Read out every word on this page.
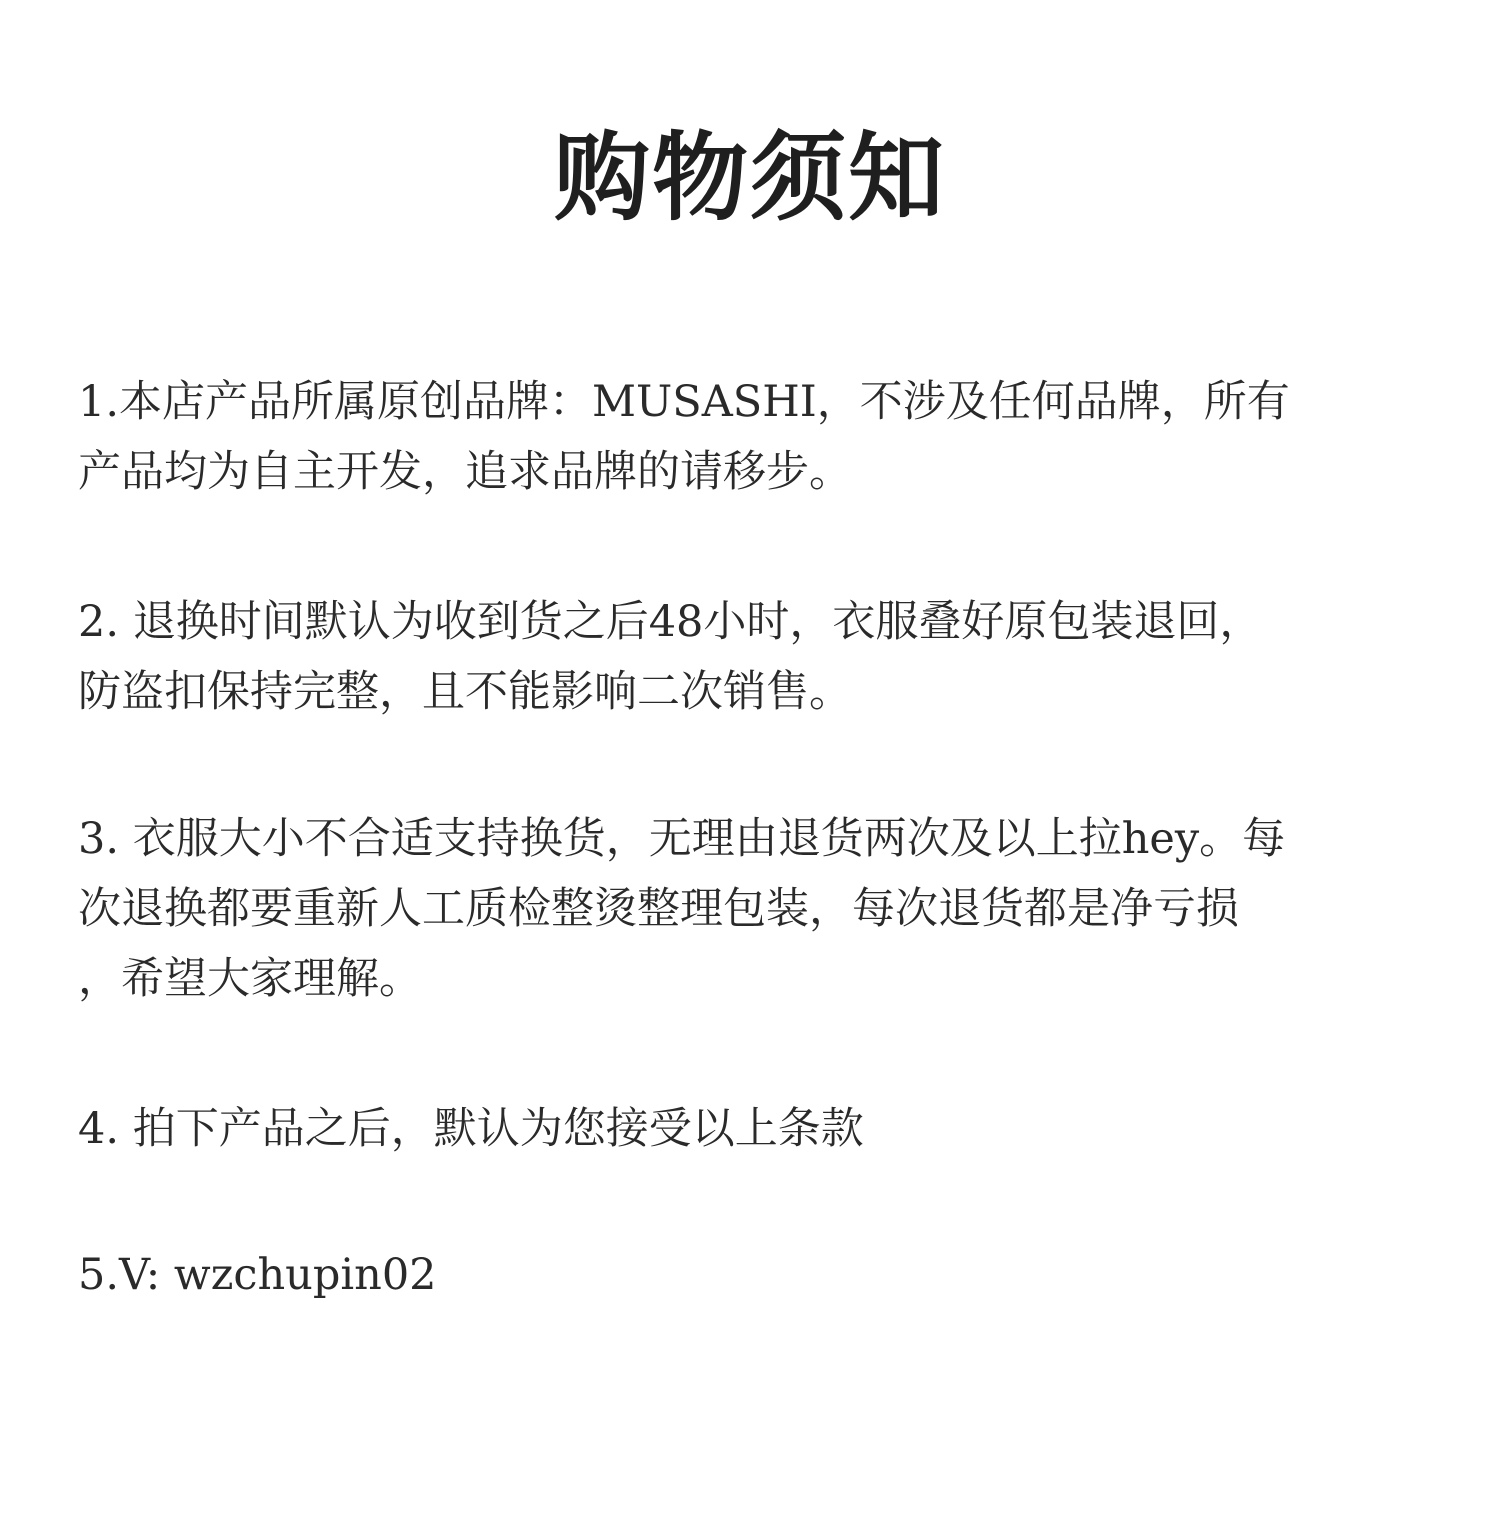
购物须知

1.本店产品所属原创品牌：MUSASHI，不涉及任何品牌，所有
产品均为自主开发，追求品牌的请移步。

2. 退换时间默认为收到货之后48小时，衣服叠好原包装退回，
防盗扣保持完整，且不能影响二次销售。

3. 衣服大小不合适支持换货，无理由退货两次及以上拉hey。每
次退换都要重新人工质检整烫整理包装，每次退货都是净亏损
，希望大家理解。

4. 拍下产品之后，默认为您接受以上条款

5.V: wzchupin02
